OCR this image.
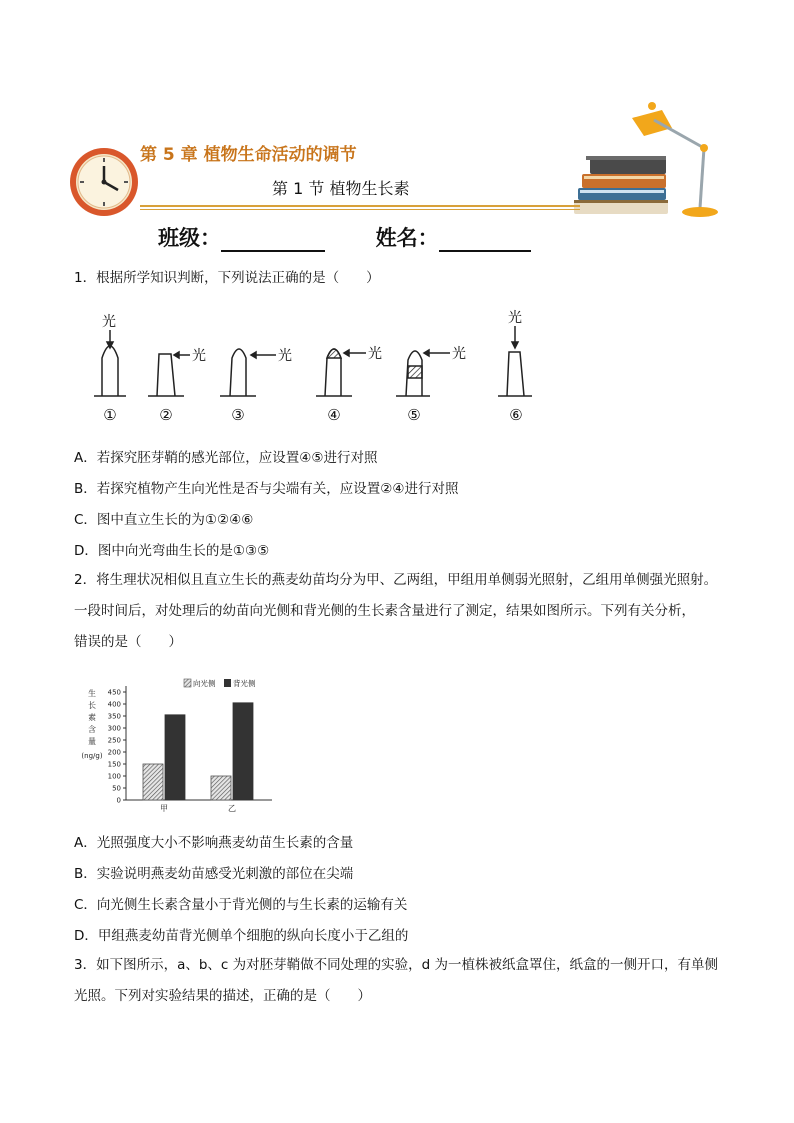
第 5 章 植物生命活动的调节
第 1 节 植物生长素
班级：	姓名：
1．根据所学知识判断，下列说法正确的是（　　）
光
光	光	光	光
光
①	②	③	④	⑤	⑥
A．若探究胚芽鞘的感光部位，应设置④⑤进行对照
B．若探究植物产生向光性是否与尖端有关，应设置②④进行对照
C．图中直立生长的为①②④⑥
D．图中向光弯曲生长的是①③⑤
2．将生理状况相似且直立生长的燕麦幼苗均分为甲、乙两组，甲组用单侧弱光照射，乙组用单侧强光照射。
一段时间后，对处理后的幼苗向光侧和背光侧的生长素含量进行了测定，结果如图所示。下列有关分析，
错误的是（　　）
0
50
100
150
200
250
300
350
400
450
生
长
素
含
量
(ng/g)
甲	乙
向光侧 背光侧
A．光照强度大小不影响燕麦幼苗生长素的含量
B．实验说明燕麦幼苗感受光刺激的部位在尖端
C．向光侧生长素含量小于背光侧的与生长素的运输有关
D．甲组燕麦幼苗背光侧单个细胞的纵向长度小于乙组的
3．如下图所示，a、b、c 为对胚芽鞘做不同处理的实验，d 为一植株被纸盒罩住，纸盒的一侧开口，有单侧
光照。下列对实验结果的描述，正确的是（　　）
